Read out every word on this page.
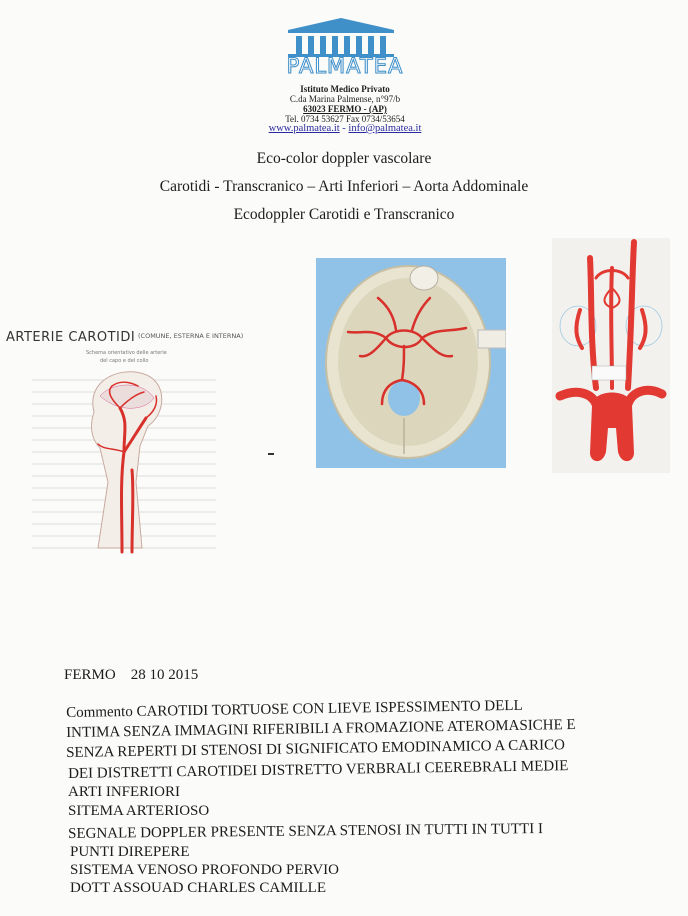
PALMATEA
Istituto Medico Privato
C.da Marina Palmense, n°97/b
63023 FERMO - (AP)
Tel. 0734 53627 Fax 0734/53654
www.palmatea.it - info@palmatea.it
Eco-color doppler vascolare
Carotidi - Transcranico – Arti Inferiori – Aorta Addominale
Ecodoppler Carotidi e Transcranico
ARTERIE CAROTIDI (COMUNE, ESTERNA E INTERNA)
Schema orientativo delle arterie
del capo e del collo
FERMO 28 10 2015
Commento CAROTIDI TORTUOSE CON LIEVE ISPESSIMENTO DELL
INTIMA SENZA IMMAGINI RIFERIBILI A FROMAZIONE ATEROMASICHE E
SENZA REPERTI DI STENOSI DI SIGNIFICATO EMODINAMICO A CARICO
DEI DISTRETTI CAROTIDEI DISTRETTO VERBRALI CEEREBRALI MEDIE
ARTI INFERIORI
SITEMA ARTERIOSO
SEGNALE DOPPLER PRESENTE SENZA STENOSI IN TUTTI IN TUTTI I
PUNTI DIREPERE
SISTEMA VENOSO PROFONDO PERVIO
DOTT ASSOUAD CHARLES CAMILLE
